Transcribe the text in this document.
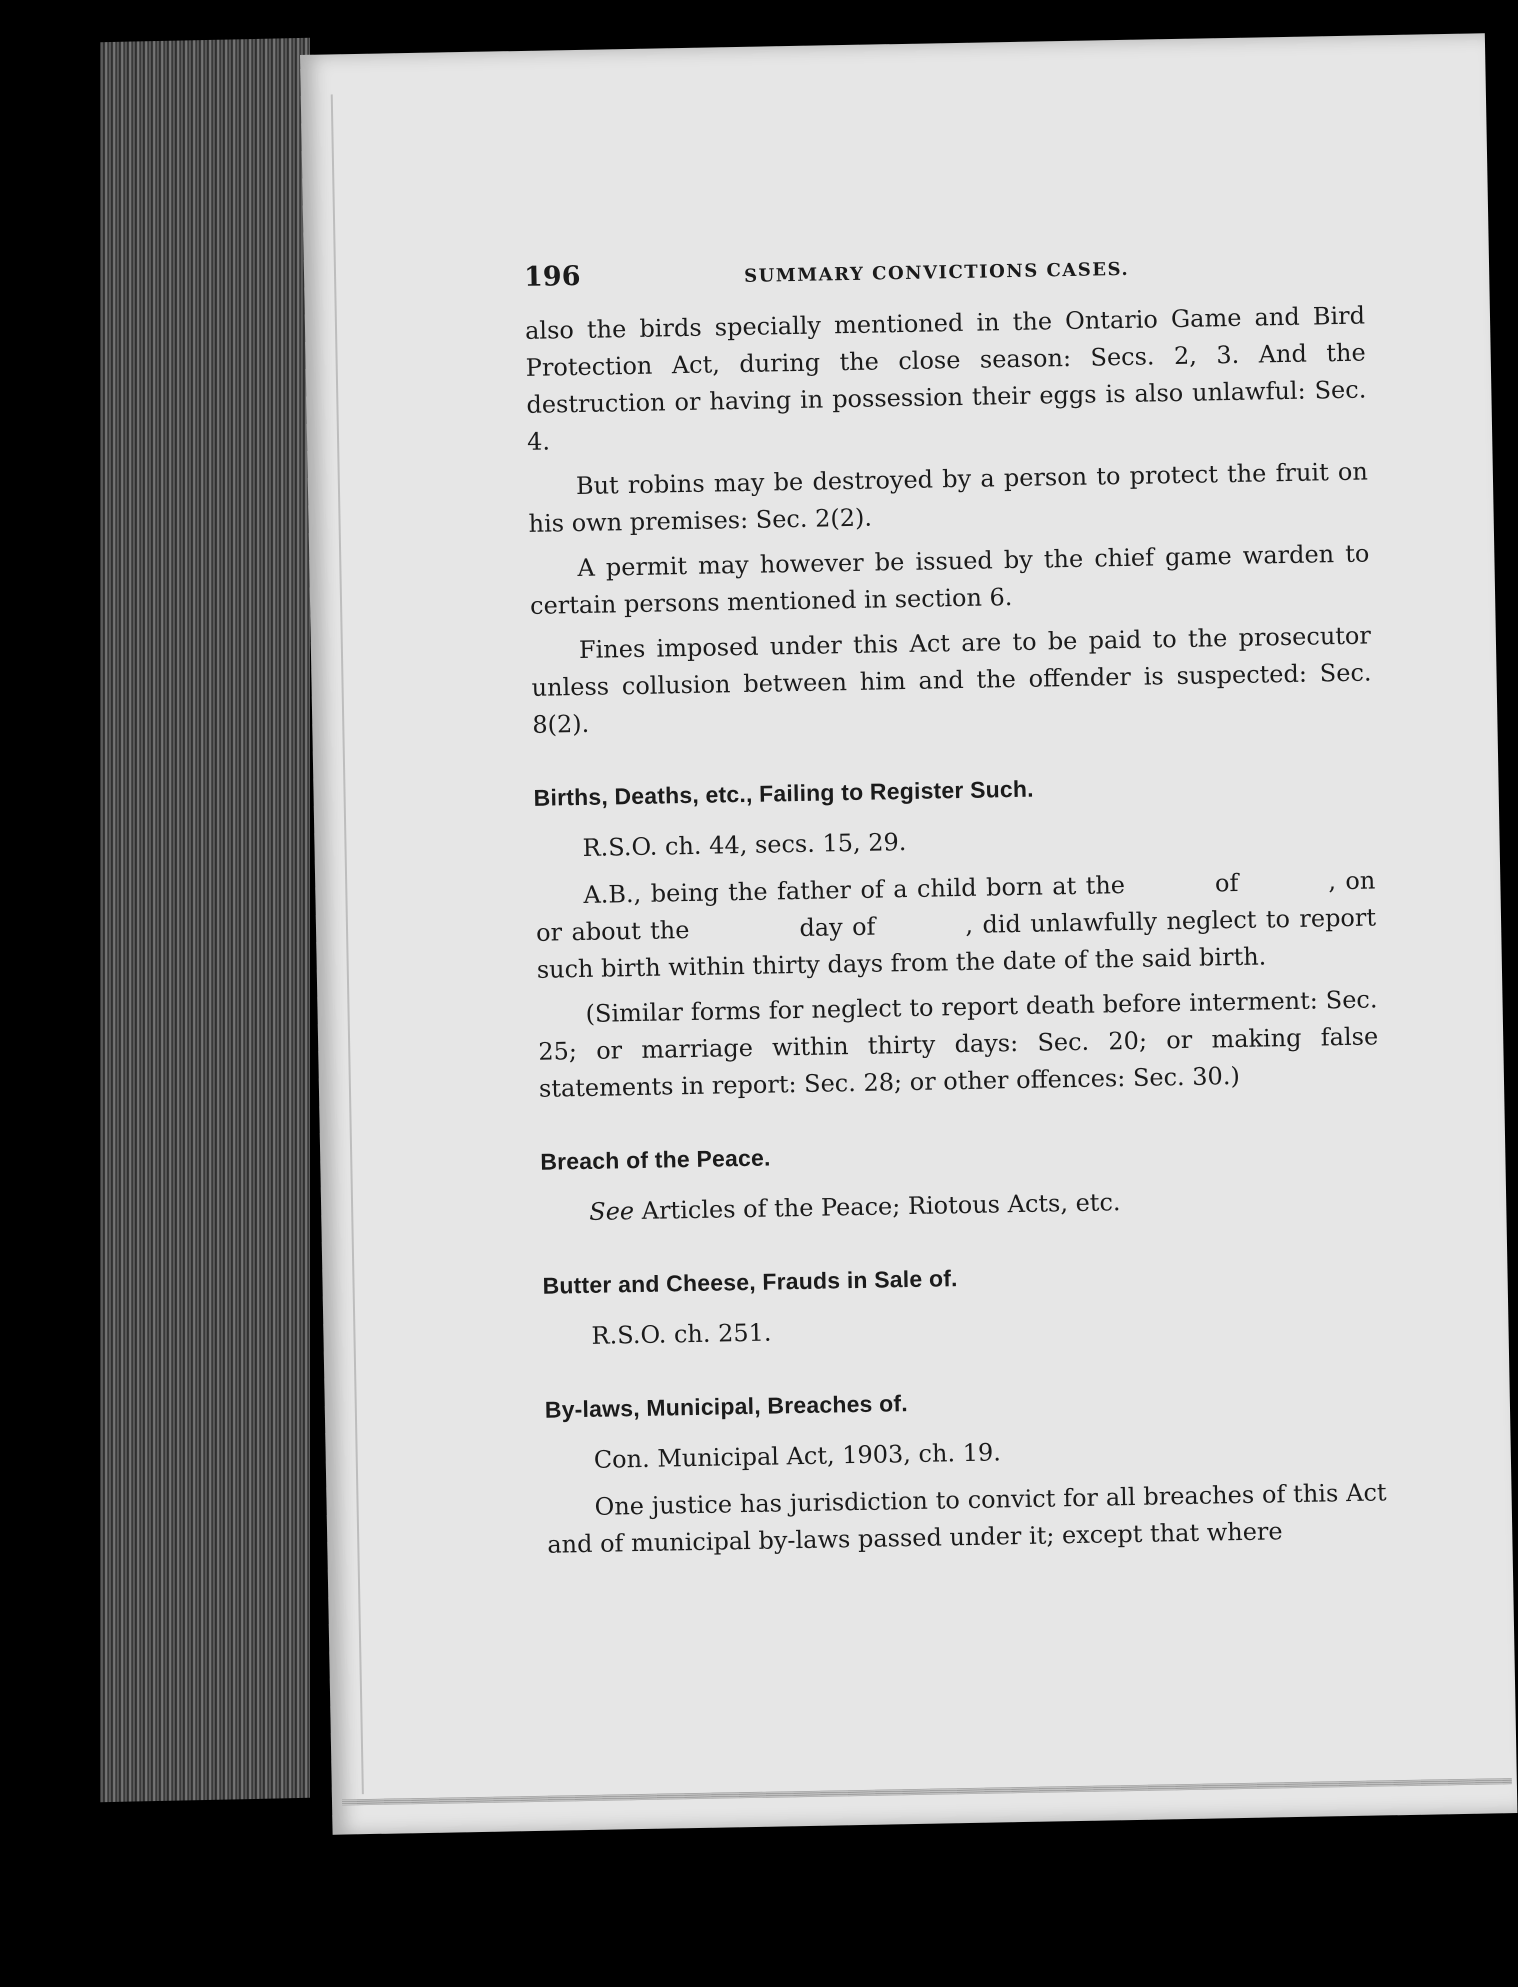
196	SUMMARY CONVICTIONS CASES.

also the birds specially mentioned in the Ontario Game and Bird Protection Act, during the close season: Secs. 2, 3. And the destruction or having in possession their eggs is also unlawful: Sec. 4.

But robins may be destroyed by a person to protect the fruit on his own premises: Sec. 2(2).

A permit may however be issued by the chief game warden to certain persons mentioned in section 6.

Fines imposed under this Act are to be paid to the prosecutor unless collusion between him and the offender is suspected: Sec. 8(2).

Births, Deaths, etc., Failing to Register Such.

R.S.O. ch. 44, secs. 15, 29.

A.B., being the father of a child born at the	of	, on or about the	day of	, did unlawfully neglect to report such birth within thirty days from the date of the said birth.

(Similar forms for neglect to report death before interment: Sec. 25; or marriage within thirty days: Sec. 20; or making false statements in report: Sec. 28; or other offences: Sec. 30.)

Breach of the Peace.

See Articles of the Peace; Riotous Acts, etc.

Butter and Cheese, Frauds in Sale of.

R.S.O. ch. 251.

By-laws, Municipal, Breaches of.

Con. Municipal Act, 1903, ch. 19.

One justice has jurisdiction to convict for all breaches of this Act and of municipal by-laws passed under it; except that where
